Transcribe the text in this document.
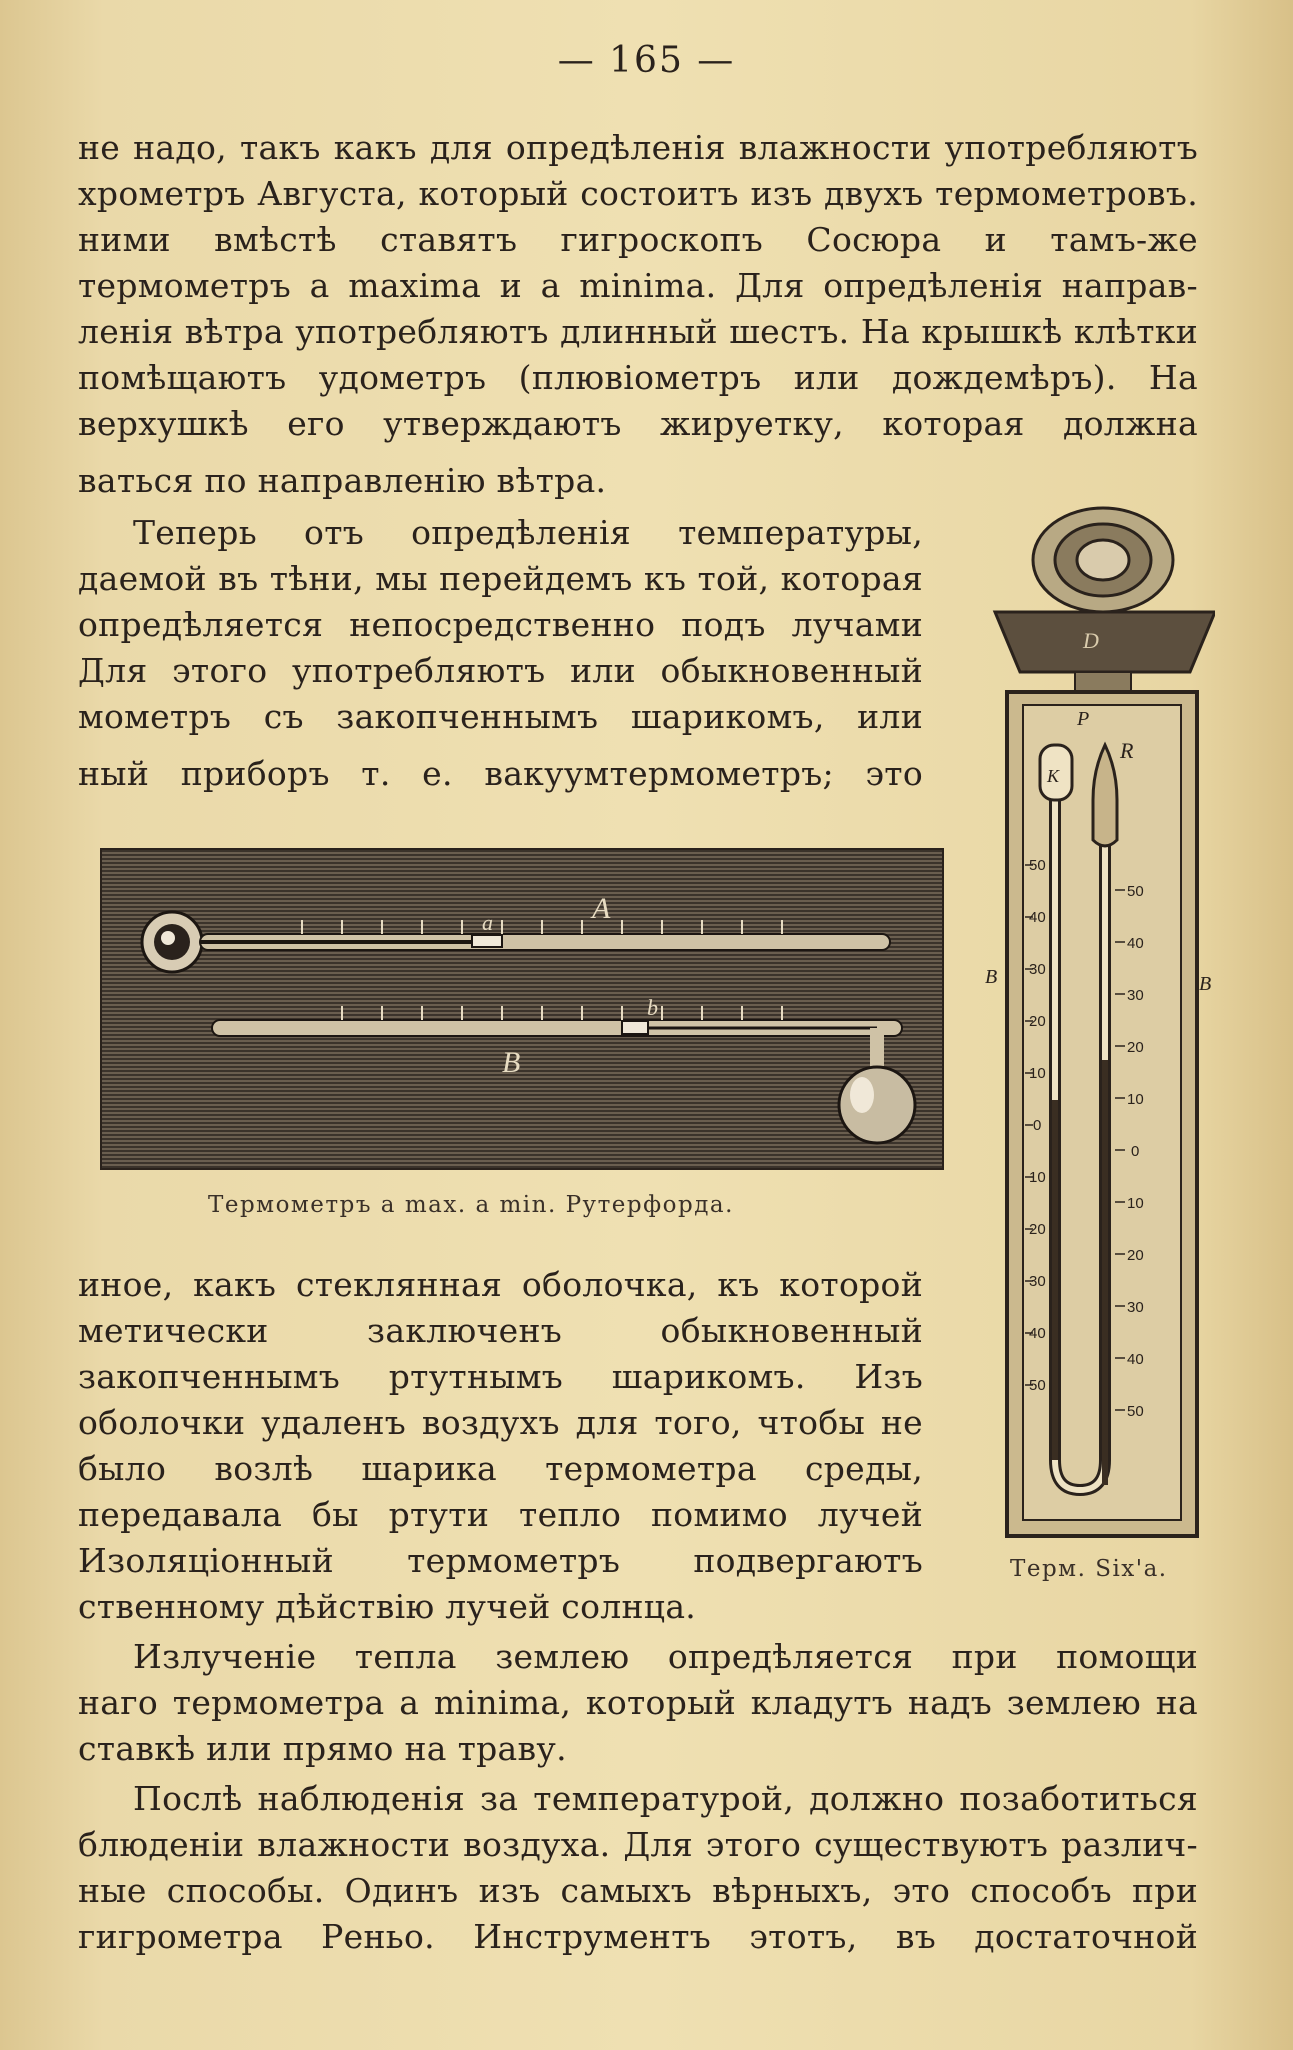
— 165 —
не надо, такъ какъ для опредѣленія влажности употребляютъ
хрометръ Августа, который состоитъ изъ двухъ термометровъ.
ними вмѣстѣ ставятъ гигроскопъ Сосюра и тамъ-же
термометръ a maxima и a minima. Для опредѣленія направ-
ленія вѣтра употребляютъ длинный шестъ. На крышкѣ клѣтки
помѣщаютъ удометръ (плювіометръ или дождемѣръ). На
верхушкѣ его утверждаютъ жируетку, которая должна
ваться по направленію вѣтра.
Теперь отъ опредѣленія температуры,
даемой въ тѣни, мы перейдемъ къ той, которая
опредѣляется непосредственно подъ лучами
Для этого употребляютъ или обыкновенный
мометръ съ закопченнымъ шарикомъ, или
ный приборъ т. е. вакуумтермометръ; это
A
a
B
b
Термометръ a max. a min. Рутерфорда.
иное, какъ стеклянная оболочка, къ которой
метически заключенъ обыкновенный
закопченнымъ ртутнымъ шарикомъ. Изъ
оболочки удаленъ воздухъ для того, чтобы не
было возлѣ шарика термометра среды,
передавала бы ртути тепло помимо лучей
Изоляціонный термометръ подвергаютъ
ственному дѣйствію лучей солнца.
Излученіе тепла землею опредѣляется при помощи
наго термометра a minima, который кладутъ надъ землею на
ставкѣ или прямо на траву.
Послѣ наблюденія за температурой, должно позаботиться
блюденіи влажности воздуха. Для этого существуютъ различ-
ные способы. Одинъ изъ самыхъ вѣрныхъ, это способъ при
гигрометра Реньо. Инструментъ этотъ, въ достаточной
D
K
R
P
B	B
50
40
30
20
10
0
10
20
30
40
50
50
40
30
20
10
0
10
20
30
40
50
Терм. Six'а.
